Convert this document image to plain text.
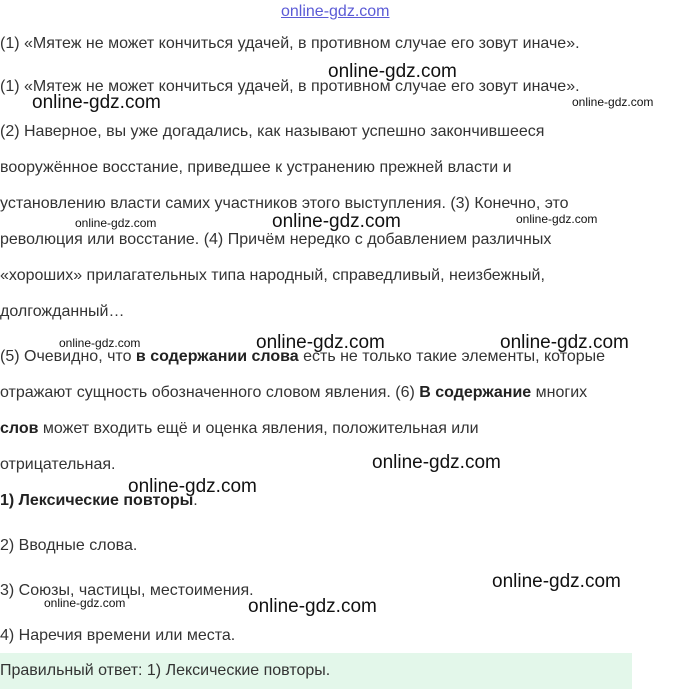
online-gdz.com

(1) «Мятеж не может кончиться удачей, в противном случае его зовут иначе».

(1) «Мятеж не может кончиться удачей, в противном случае его зовут иначе».

(2) Наверное, вы уже догадались, как называют успешно закончившееся

вооружённое восстание, приведшее к устранению прежней власти и

установлению власти самих участников этого выступления. (3) Конечно, это

революция или восстание. (4) Причём нередко с добавлением различных

«хороших» прилагательных типа народный, справедливый, неизбежный,

долгожданный…

(5) Очевидно, что в содержании слова есть не только такие элементы, которые

отражают сущность обозначенного словом явления. (6) В содержание многих

слов может входить ещё и оценка явления, положительная или

отрицательная.

1) Лексические повторы.

2) Вводные слова.

3) Союзы, частицы, местоимения.

4) Наречия времени или места.

Правильный ответ: 1) Лексические повторы.

online-gdz.com

online-gdz.com	online-gdz.com

online-gdz.com	online-gdz.com	online-gdz.com

online-gdz.com	online-gdz.com	online-gdz.com

online-gdz.com

online-gdz.com

online-gdz.com

online-gdz.com	online-gdz.com
